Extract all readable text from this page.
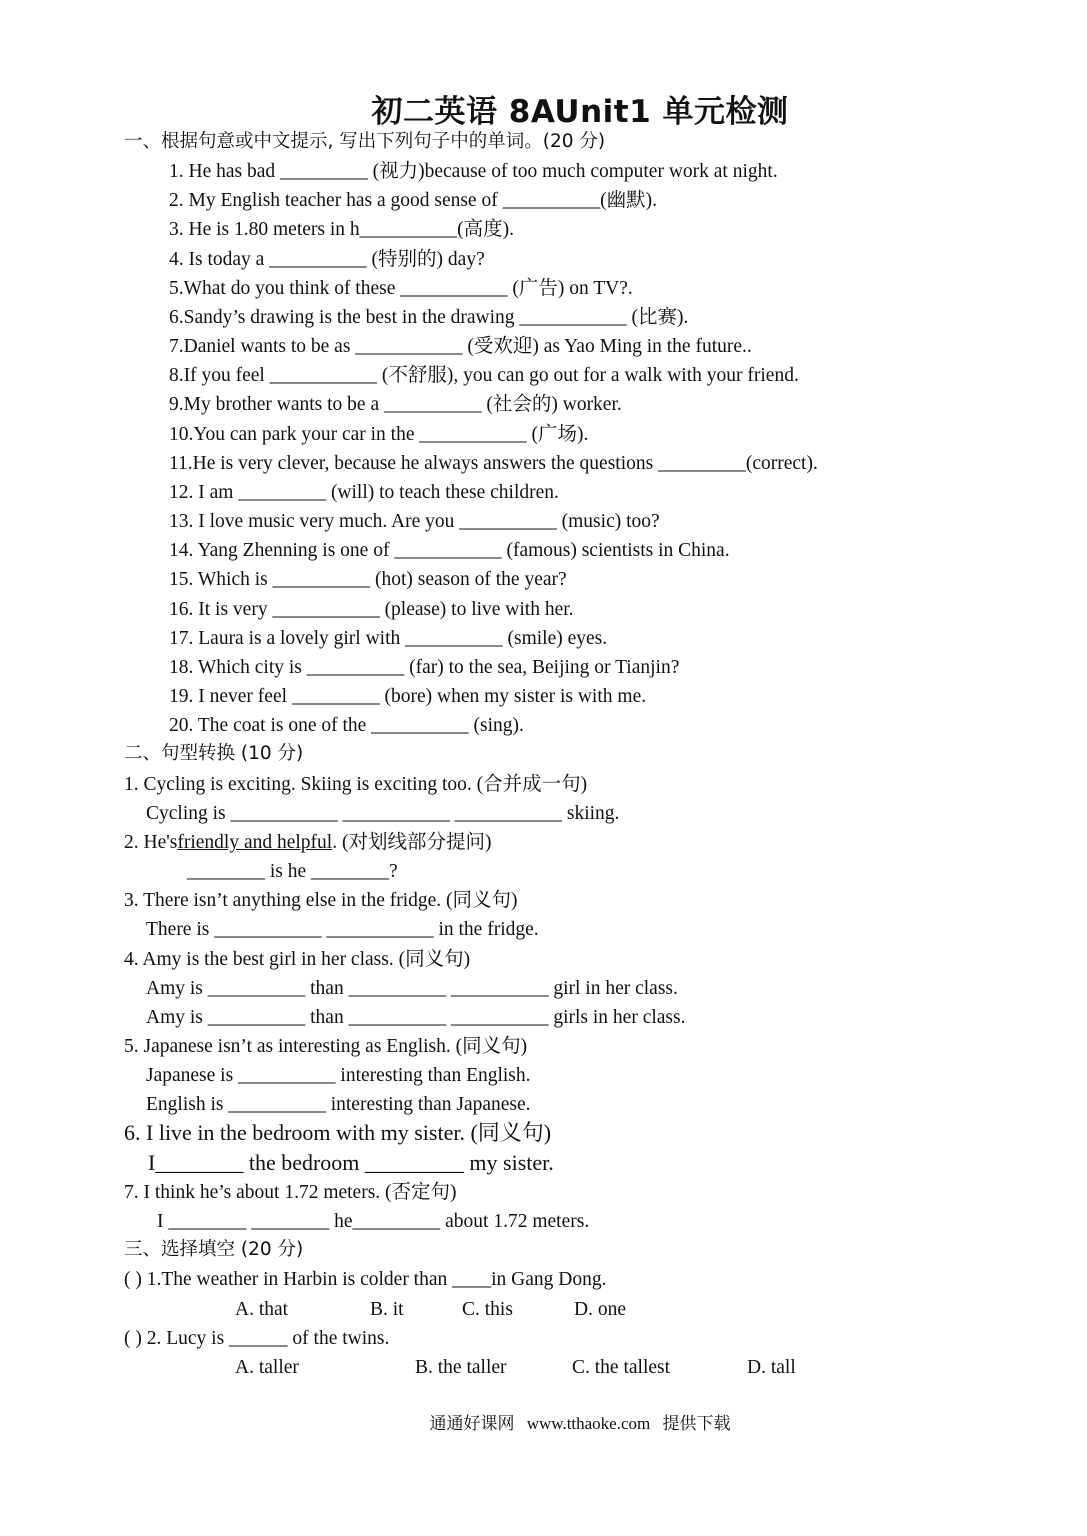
初二英语 8AUnit1 单元检测
一、根据句意或中文提示, 写出下列句子中的单词。(20 分)
1. He has bad _________ (视力)because of too much computer work at night.
2. My English teacher has a good sense of __________(幽默).
3. He is 1.80 meters in h__________(高度).
4. Is today a __________ (特别的) day?
5.What do you think of these ___________ (广告) on TV?.
6.Sandy’s drawing is the best in the drawing ___________ (比赛).
7.Daniel wants to be as ___________ (受欢迎) as Yao Ming in the future..
8.If you feel ___________ (不舒服), you can go out for a walk with your friend.
9.My brother wants to be a __________ (社会的) worker.
10.You can park your car in the ___________ (广场).
11.He is very clever, because he always answers the questions _________(correct).
12. I am _________ (will) to teach these children.
13. I love music very much. Are you __________ (music) too?
14. Yang Zhenning is one of ___________ (famous) scientists in China.
15. Which is __________ (hot) season of the year?
16. It is very ___________ (please) to live with her.
17. Laura is a lovely girl with __________ (smile) eyes.
18. Which city is __________ (far) to the sea, Beijing or Tianjin?
19. I never feel _________ (bore) when my sister is with me.
20. The coat is one of the __________ (sing).
二、句型转换 (10 分)
1. Cycling is exciting. Skiing is exciting too. (合并成一句)
Cycling is ___________ ___________ ___________ skiing.
2. He'sfriendly and helpful. (对划线部分提问)
________ is he ________?
3. There isn’t anything else in the fridge. (同义句)
There is ___________ ___________ in the fridge.
4. Amy is the best girl in her class. (同义句)
Amy is __________ than __________ __________ girl in her class.
Amy is __________ than __________ __________ girls in her class.
5. Japanese isn’t as interesting as English. (同义句)
Japanese is __________ interesting than English.
English is __________ interesting than Japanese.
6. I live in the bedroom with my sister. (同义句)
I________ the bedroom _________ my sister.
7. I think he’s about 1.72 meters. (否定句)
I ________ ________ he_________ about 1.72 meters.
三、选择填空 (20 分)
( ) 1.The weather in Harbin is colder than ____in Gang Dong.
A. that	B. it	C. this	D. one
( ) 2. Lucy is ______ of the twins.
A. taller	B. the taller	C. the tallest	D. tall
通通好课网 www.tthaoke.com 提供下载
